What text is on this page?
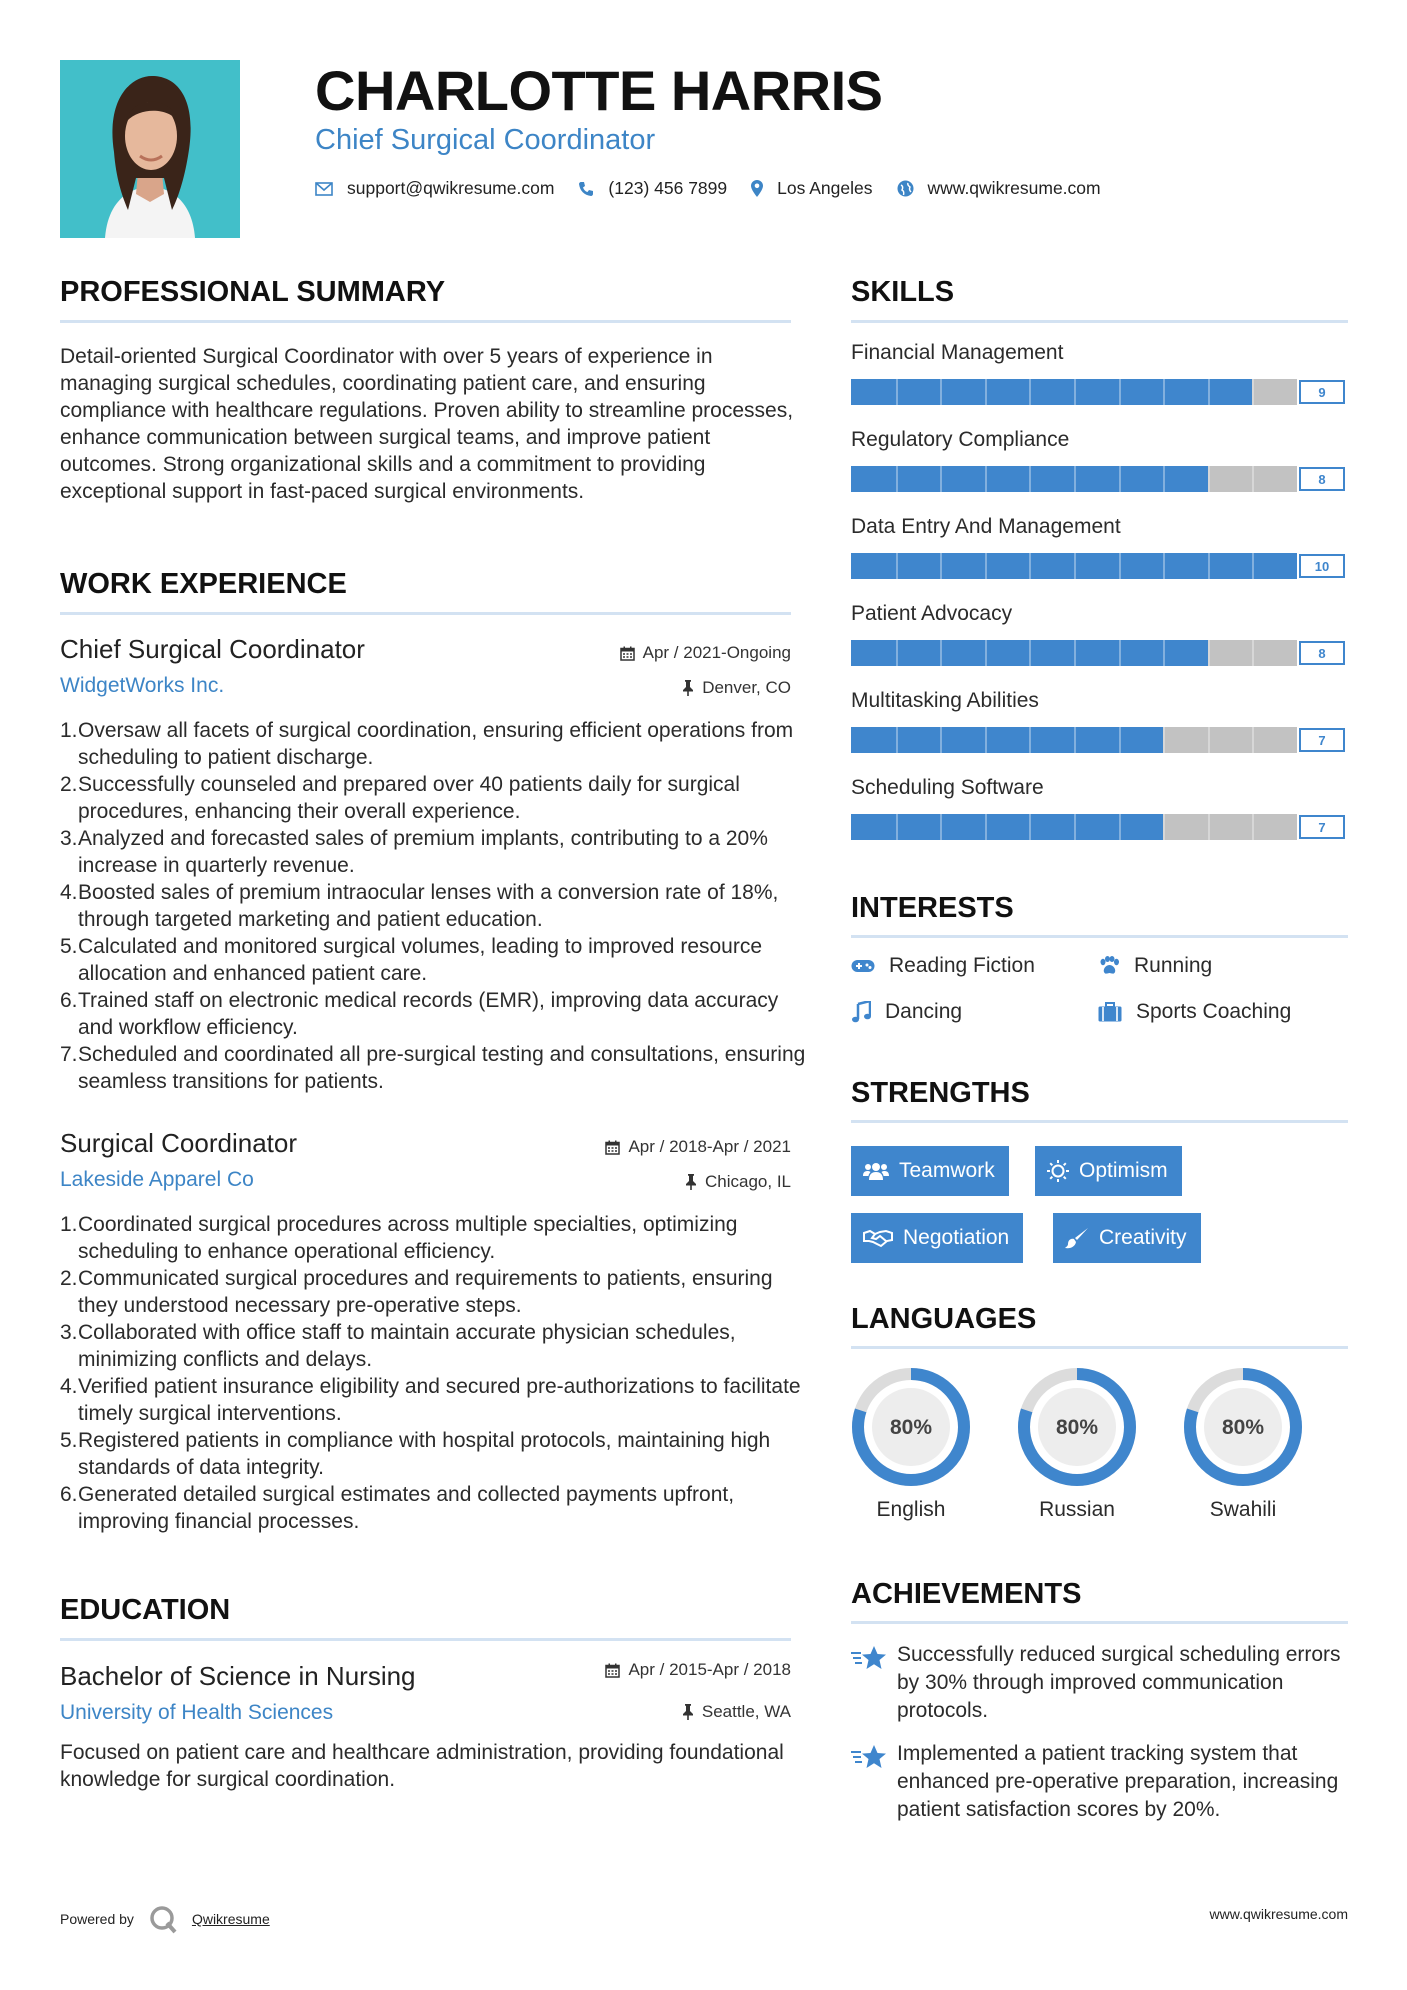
CHARLOTTE HARRIS
Chief Surgical Coordinator
support@qwikresume.com	(123) 456 7899	Los Angeles	www.qwikresume.com
PROFESSIONAL SUMMARY
Detail-oriented Surgical Coordinator with over 5 years of experience in managing surgical schedules, coordinating patient care, and ensuring compliance with healthcare regulations. Proven ability to streamline processes, enhance communication between surgical teams, and improve patient outcomes. Strong organizational skills and a commitment to providing exceptional support in fast-paced surgical environments.
WORK EXPERIENCE
Chief Surgical Coordinator
WidgetWorks Inc.
Apr / 2021-Ongoing
Denver, CO
1. Oversaw all facets of surgical coordination, ensuring efficient operations from scheduling to patient discharge.
2. Successfully counseled and prepared over 40 patients daily for surgical procedures, enhancing their overall experience.
3. Analyzed and forecasted sales of premium implants, contributing to a 20% increase in quarterly revenue.
4. Boosted sales of premium intraocular lenses with a conversion rate of 18%, through targeted marketing and patient education.
5. Calculated and monitored surgical volumes, leading to improved resource allocation and enhanced patient care.
6. Trained staff on electronic medical records (EMR), improving data accuracy and workflow efficiency.
7. Scheduled and coordinated all pre-surgical testing and consultations, ensuring seamless transitions for patients.
Surgical Coordinator
Lakeside Apparel Co
Apr / 2018-Apr / 2021
Chicago, IL
1. Coordinated surgical procedures across multiple specialties, optimizing scheduling to enhance operational efficiency.
2. Communicated surgical procedures and requirements to patients, ensuring they understood necessary pre-operative steps.
3. Collaborated with office staff to maintain accurate physician schedules, minimizing conflicts and delays.
4. Verified patient insurance eligibility and secured pre-authorizations to facilitate timely surgical interventions.
5. Registered patients in compliance with hospital protocols, maintaining high standards of data integrity.
6. Generated detailed surgical estimates and collected payments upfront, improving financial processes.
EDUCATION
Bachelor of Science in Nursing
University of Health Sciences
Apr / 2015-Apr / 2018
Seattle, WA
Focused on patient care and healthcare administration, providing foundational knowledge for surgical coordination.
SKILLS
Financial Management
9
Regulatory Compliance
8
Data Entry And Management
10
Patient Advocacy
8
Multitasking Abilities
7
Scheduling Software
7
INTERESTS
Reading Fiction	Running
Dancing	Sports Coaching
STRENGTHS
Teamwork	Optimism
Negotiation	Creativity
LANGUAGES
80%
English
80%
Russian
80%
Swahili
ACHIEVEMENTS
Successfully reduced surgical scheduling errors by 30% through improved communication protocols.
Implemented a patient tracking system that enhanced pre-operative preparation, increasing patient satisfaction scores by 20%.
Powered by	Qwikresume	www.qwikresume.com
